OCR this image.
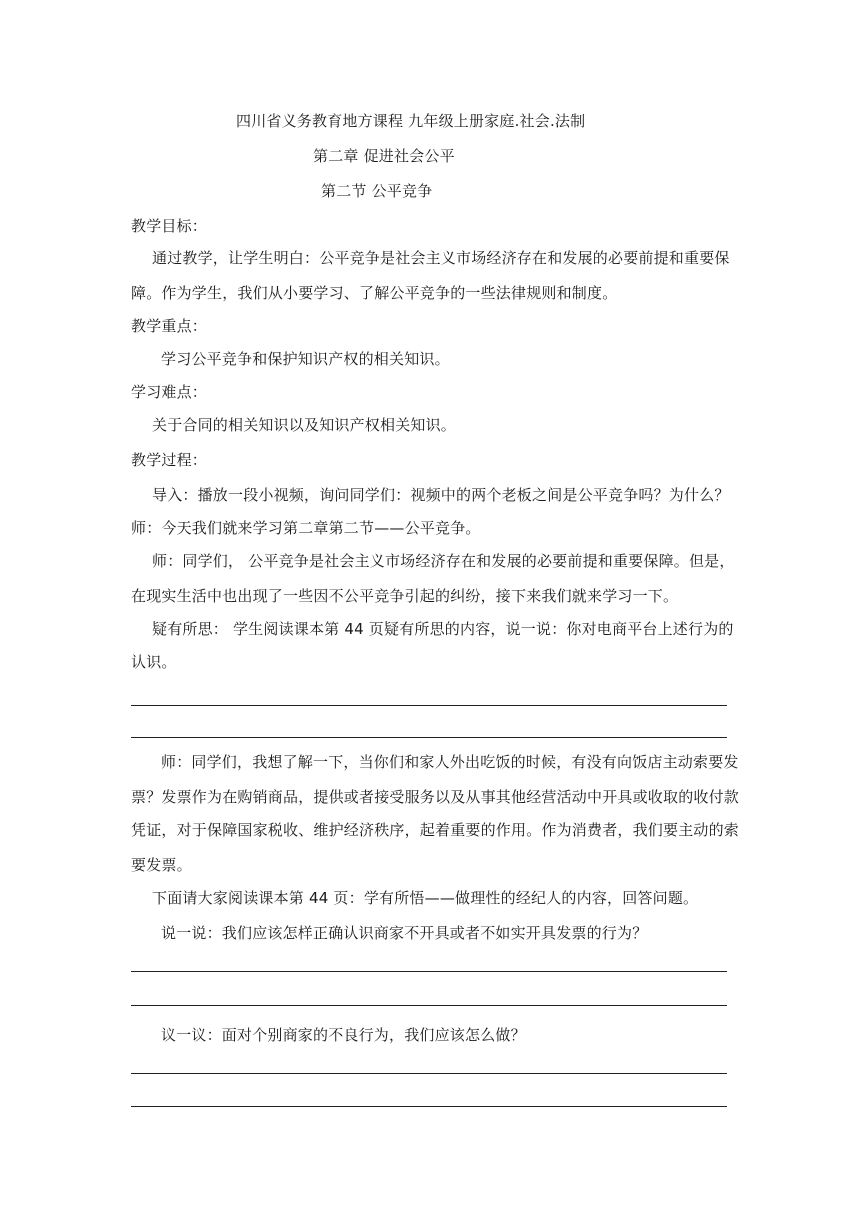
四川省义务教育地方课程 九年级上册家庭.社会.法制
第二章 促进社会公平
第二节 公平竞争
教学目标：
通过教学，让学生明白：公平竞争是社会主义市场经济存在和发展的必要前提和重要保
障。作为学生，我们从小要学习、了解公平竞争的一些法律规则和制度。
教学重点：
学习公平竞争和保护知识产权的相关知识。
学习难点：
关于合同的相关知识以及知识产权相关知识。
教学过程：
导入：播放一段小视频，询问同学们：视频中的两个老板之间是公平竞争吗？为什么？
师：今天我们就来学习第二章第二节——公平竞争。
师：同学们， 公平竞争是社会主义市场经济存在和发展的必要前提和重要保障。但是，
在现实生活中也出现了一些因不公平竞争引起的纠纷，接下来我们就来学习一下。
疑有所思： 学生阅读课本第 44 页疑有所思的内容，说一说：你对电商平台上述行为的
认识。
师：同学们，我想了解一下，当你们和家人外出吃饭的时候，有没有向饭店主动索要发
票？发票作为在购销商品，提供或者接受服务以及从事其他经营活动中开具或收取的收付款
凭证，对于保障国家税收、维护经济秩序，起着重要的作用。作为消费者，我们要主动的索
要发票。
下面请大家阅读课本第 44 页：学有所悟——做理性的经纪人的内容，回答问题。
说一说：我们应该怎样正确认识商家不开具或者不如实开具发票的行为？
议一议：面对个别商家的不良行为，我们应该怎么做？
